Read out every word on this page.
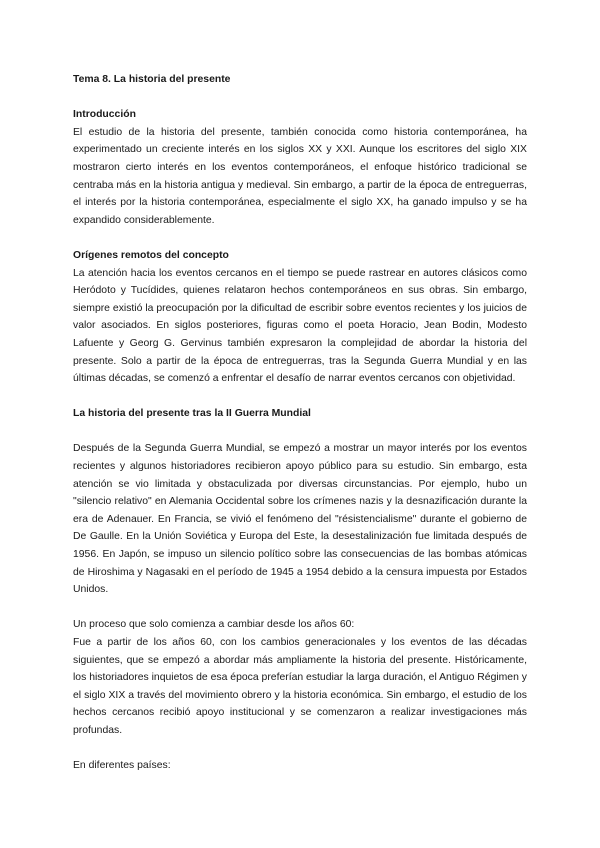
Tema 8. La historia del presente

Introducción

El estudio de la historia del presente, también conocida como historia contemporánea, ha experimentado un creciente interés en los siglos XX y XXI. Aunque los escritores del siglo XIX mostraron cierto interés en los eventos contemporáneos, el enfoque histórico tradicional se centraba más en la historia antigua y medieval. Sin embargo, a partir de la época de entreguerras, el interés por la historia contemporánea, especialmente el siglo XX, ha ganado impulso y se ha expandido considerablemente.

Orígenes remotos del concepto

La atención hacia los eventos cercanos en el tiempo se puede rastrear en autores clásicos como Heródoto y Tucídides, quienes relataron hechos contemporáneos en sus obras. Sin embargo, siempre existió la preocupación por la dificultad de escribir sobre eventos recientes y los juicios de valor asociados. En siglos posteriores, figuras como el poeta Horacio, Jean Bodin, Modesto Lafuente y Georg G. Gervinus también expresaron la complejidad de abordar la historia del presente. Solo a partir de la época de entreguerras, tras la Segunda Guerra Mundial y en las últimas décadas, se comenzó a enfrentar el desafío de narrar eventos cercanos con objetividad.

La historia del presente tras la II Guerra Mundial

Después de la Segunda Guerra Mundial, se empezó a mostrar un mayor interés por los eventos recientes y algunos historiadores recibieron apoyo público para su estudio. Sin embargo, esta atención se vio limitada y obstaculizada por diversas circunstancias. Por ejemplo, hubo un "silencio relativo" en Alemania Occidental sobre los crímenes nazis y la desnazificación durante la era de Adenauer. En Francia, se vivió el fenómeno del "résistencialisme" durante el gobierno de De Gaulle. En la Unión Soviética y Europa del Este, la desestalinización fue limitada después de 1956. En Japón, se impuso un silencio político sobre las consecuencias de las bombas atómicas de Hiroshima y Nagasaki en el período de 1945 a 1954 debido a la censura impuesta por Estados Unidos.

Un proceso que solo comienza a cambiar desde los años 60:

Fue a partir de los años 60, con los cambios generacionales y los eventos de las décadas siguientes, que se empezó a abordar más ampliamente la historia del presente. Históricamente, los historiadores inquietos de esa época preferían estudiar la larga duración, el Antiguo Régimen y el siglo XIX a través del movimiento obrero y la historia económica. Sin embargo, el estudio de los hechos cercanos recibió apoyo institucional y se comenzaron a realizar investigaciones más profundas.

En diferentes países:
